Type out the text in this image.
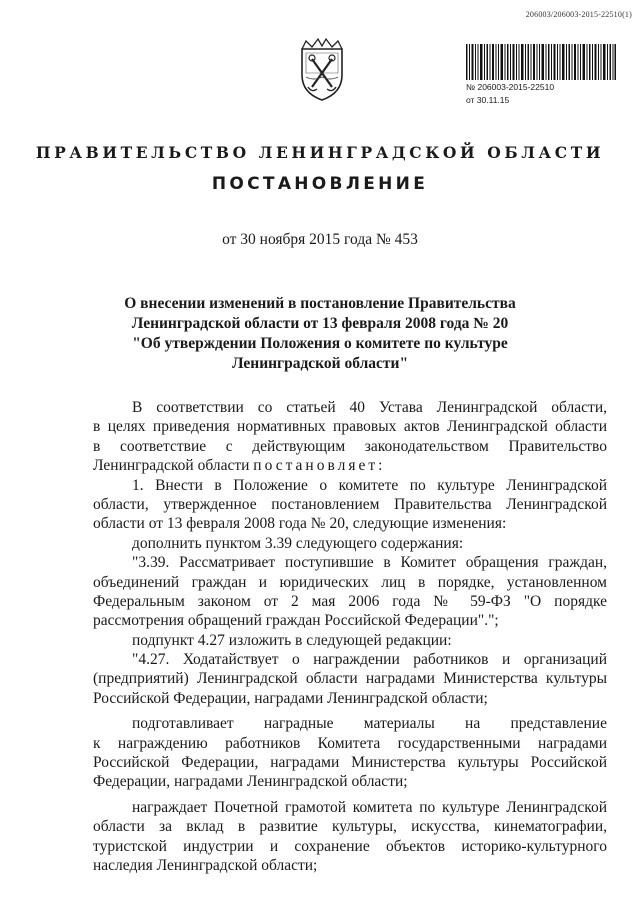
206003/206003-2015-22510(1)
№ 206003-2015-22510
от 30.11.15
ПРАВИТЕЛЬСТВО ЛЕНИНГРАДСКОЙ ОБЛАСТИ
ПОСТАНОВЛЕНИЕ
от 30 ноября 2015 года № 453
О внесении изменений в постановление Правительства
Ленинградской области от 13 февраля 2008 года № 20
"Об утверждении Положения о комитете по культуре
Ленинградской области"
В соответствии со статьей 40 Устава Ленинградской области,
в целях приведения нормативных правовых актов Ленинградской области
в соответствие с действующим законодательством Правительство
Ленинградской области постановляет:
1. Внести в Положение о комитете по культуре Ленинградской
области, утвержденное постановлением Правительства Ленинградской
области от 13 февраля 2008 года № 20, следующие изменения:
дополнить пунктом 3.39 следующего содержания:
"3.39. Рассматривает поступившие в Комитет обращения граждан,
объединений граждан и юридических лиц в порядке, установленном
Федеральным законом от 2 мая 2006 года № 59-ФЗ "О порядке
рассмотрения обращений граждан Российской Федерации".";
подпункт 4.27 изложить в следующей редакции:
"4.27. Ходатайствует о награждении работников и организаций
(предприятий) Ленинградской области наградами Министерства культуры
Российской Федерации, наградами Ленинградской области;
подготавливает наградные материалы на представление
к награждению работников Комитета государственными наградами
Российской Федерации, наградами Министерства культуры Российской
Федерации, наградами Ленинградской области;
награждает Почетной грамотой комитета по культуре Ленинградской
области за вклад в развитие культуры, искусства, кинематографии,
туристской индустрии и сохранение объектов историко-культурного
наследия Ленинградской области;
